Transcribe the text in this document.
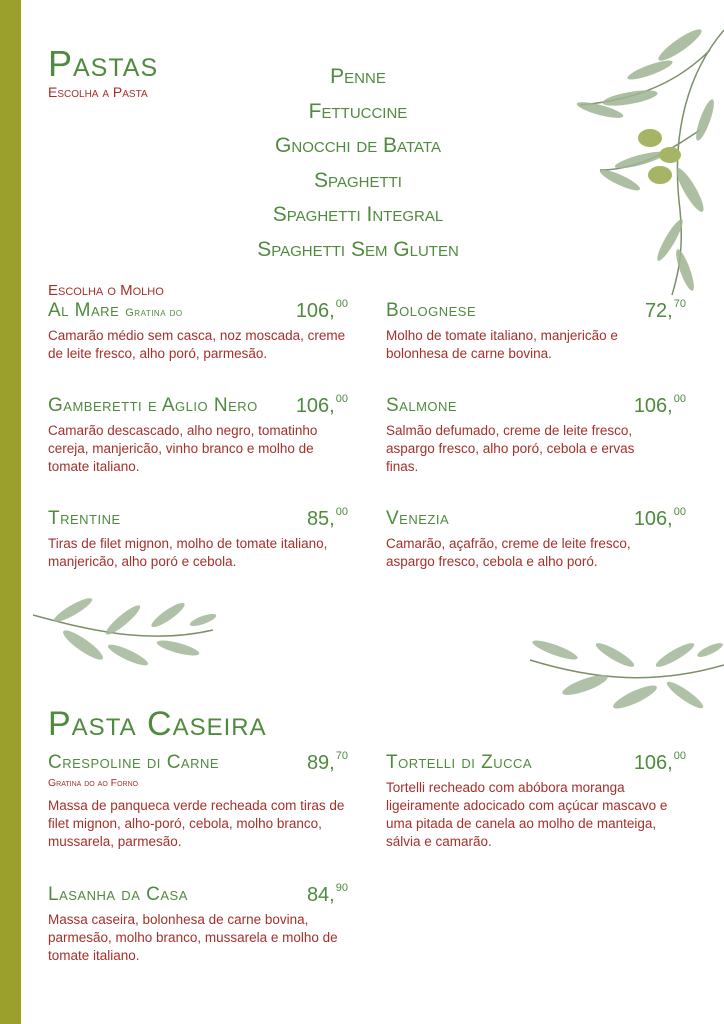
Pastas
Escolha a Pasta
Penne
Fettuccine
Gnocchi de Batata
Spaghetti
Spaghetti Integral
Spaghetti Sem Gluten
Escolha o Molho
Al Mare Gratina do	106,00
Camarão médio sem casca, noz moscada, creme de leite fresco, alho poró, parmesão.
Bolognese	72,70
Molho de tomate italiano, manjericão e bolonhesa de carne bovina.
Gamberetti e Aglio Nero 106,00
Camarão descascado, alho negro, tomatinho cereja, manjericão, vinho branco e molho de tomate italiano.
Salmone	106,00
Salmão defumado, creme de leite fresco, aspargo fresco, alho poró, cebola e ervas finas.
Trentine	85,00
Tiras de filet mignon, molho de tomate italiano, manjericão, alho poró e cebola.
Venezia	106,00
Camarão, açafrão, creme de leite fresco, aspargo fresco, cebola e alho poró.
Pasta Caseira
Crespoline di Carne	89,70
Gratina do ao Forno
Massa de panqueca verde recheada com tiras de filet mignon, alho-poró, cebola, molho branco, mussarela, parmesão.
Tortelli di Zucca	106,00
Tortelli recheado com abóbora moranga ligeiramente adocicado com açúcar mascavo e uma pitada de canela ao molho de manteiga, sálvia e camarão.
Lasanha da Casa	84,90
Massa caseira, bolonhesa de carne bovina, parmesão, molho branco, mussarela e molho de tomate italiano.
